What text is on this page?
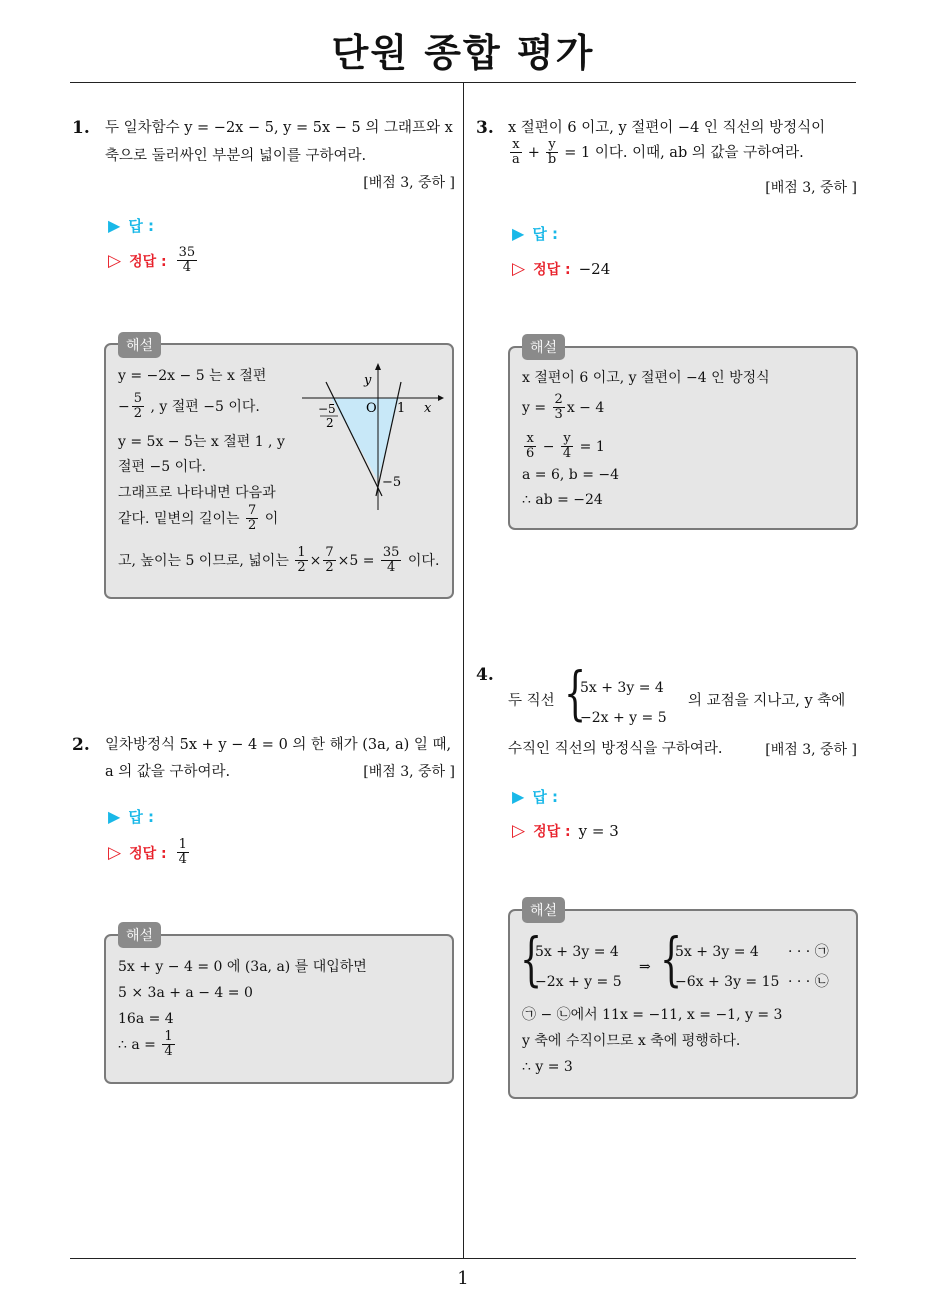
단원 종합 평가
1
1. 두 일차함수 y = −2x − 5, y = 5x − 5 의 그래프와 x
축으로 둘러싸인 부분의 넓이를 구하여라.
[배점 3, 중하 ]
▶ 답 :
▷ 정답 : $\frac{35}{4}$
해설
y = −2x − 5 는 x 절편
− $\frac{5}{2}$ , y 절편 −5 이다.
y = 5x − 5는 x 절편 1 , y
절편 −5 이다.
그래프로 나타내면 다음과
같다. 밑변의 길이는 $\frac{7}{2}$ 이
고, 높이는 5 이므로, 넓이는 $\frac{1}{2} \times \frac{7}{2} \times 5 = \frac{35}{4}$ 이다.
y
x
O 1
−5
−5
2
2. 일차방정식 5x + y − 4 = 0 의 한 해가 (3a, a) 일 때,
a 의 값을 구하여라.	[배점 3, 중하 ]
▶ 답 :
▷ 정답 : $\frac{1}{4}$
해설
5x + y − 4 = 0 에 (3a, a) 를 대입하면
5 × 3a + a − 4 = 0
16a = 4
∴ $a = \frac{1}{4}$
3. x 절편이 6 이고, y 절편이 −4 인 직선의 방정식이
$\frac{x}{a} + \frac{y}{b} = 1$ 이다. 이때, ab 의 값을 구하여라.
[배점 3, 중하 ]
▶ 답 :
▷ 정답 : −24
해설
x 절편이 6 이고, y 절편이 −4 인 방정식
$y = \frac{2}{3}$ x − 4
$\frac{x}{6} - \frac{y}{4} = 1$
a = 6, b = −4
∴ ab = −24
4.
두 직선 {
5x + 3y = 4
−2x + y = 5
의 교점을 지나고, y 축에
수직인 직선의 방정식을 구하여라.	[배점 3, 중하 ]
▶ 답 :
▷ 정답 : y = 3
해설
{
5x + 3y = 4
−2x + y = 5
⇒ {
5x + 3y = 4
−6x + 3y = 15
· · · ㉠
· · · ㉡
㉠ − ㉡에서 11x = −11, x = −1, y = 3
y 축에 수직이므로 x 축에 평행하다.
∴ y = 3
